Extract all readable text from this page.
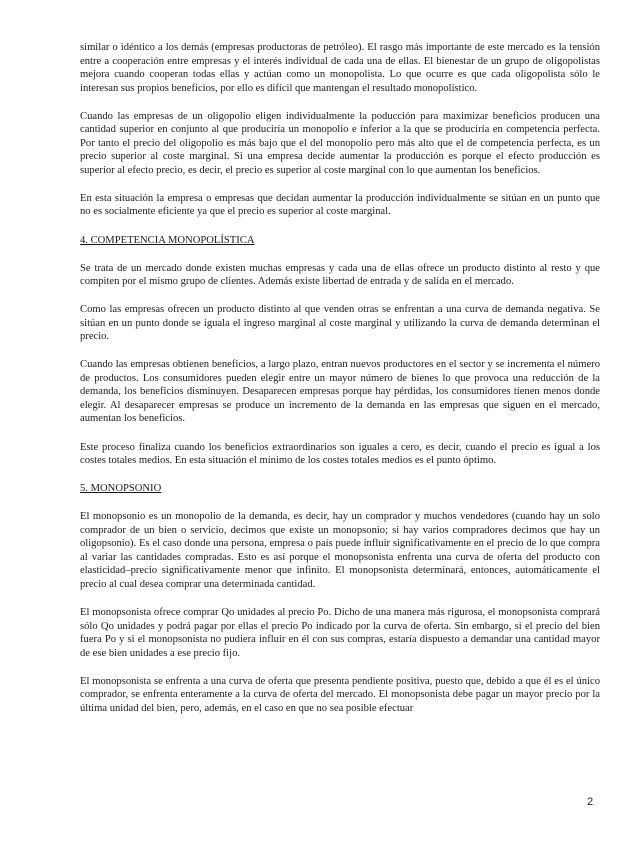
similar o idéntico a los demás (empresas productoras de petróleo). El rasgo más importante de este mercado es la tensión entre a cooperación entre empresas y el interés individual de cada una de ellas. El bienestar de un grupo de oligopolistas mejora cuando cooperan todas ellas y actúan como un monopolista. Lo que ocurre es que cada oligopolista sólo le interesan sus propios beneficios, por ello es difícil que mantengan el resultado monopolístico.

Cuando las empresas de un oligopolio eligen individualmente la poducción para maximizar beneficios producen una cantidad superior en conjunto al que produciría un monopolio e inferior a la que se produciría en competencia perfecta. Por tanto el precio del oligopolio es más bajo que el del monopolio pero más alto que el de competencia perfecta, es un precio superior al coste marginal. Si una empresa decide aumentar la producción es porque el efecto producción es superior al efecto precio, es decir, el precio es superior al coste marginal con lo que aumentan los beneficios.

En esta situación la empresa o empresas que decidan aumentar la producción individualmente se sitúan en un punto que no es socialmente eficiente ya que el precio es superior al coste marginal.

4. COMPETENCIA MONOPOLÍSTICA

Se trata de un mercado donde existen muchas empresas y cada una de ellas ofrece un producto distinto al resto y que compiten por el mismo grupo de clientes. Además existe libertad de entrada y de salida en el mercado.

Como las empresas ofrecen un producto distinto al que venden otras se enfrentan a una curva de demanda negativa. Se sitúan en un punto donde se iguala el ingreso marginal al coste marginal y utilizando la curva de demanda determinan el precio.

Cuando las empresas obtienen beneficios, a largo plazo, entran nuevos productores en el sector y se incrementa el número de productos. Los consumidores pueden elegir entre un mayor número de bienes lo que provoca una reducción de la demanda, los beneficios disminuyen. Desaparecen empresas porque hay pérdidas, los consumidores tienen menos donde elegir. Al desaparecer empresas se produce un incremento de la demanda en las empresas que siguen en el mercado, aumentan los beneficios.

Este proceso finaliza cuando los beneficios extraordinarios son iguales a cero, es decir, cuando el precio es igual a los costes totales medios. En esta situación el mínimo de los costes totales medios es el punto óptimo.

5. MONOPSONIO

El monopsonio es un monopolio de la demanda, es decir, hay un comprador y muchos vendedores (cuando hay un solo comprador de un bien o servicio, decimos que existe un monopsonio; si hay varios compradores decimos que hay un oligopsonio). Es el caso donde una persona, empresa o país puede influir significativamente en el precio de lo que compra al variar las cantidades compradas. Esto es así porque el monopsonista enfrenta una curva de oferta del producto con elasticidad–precio significativamente menor que infinito. El monopsonista determinará, entonces, automáticamente el precio al cual desea comprar una determinada cantidad.

El monopsonista ofrece comprar Qo unidades al precio Po. Dicho de una manera más rigurosa, el monopsonista comprará sólo Qo unidades y podrá pagar por ellas el precio Po indicado por la curva de oferta. Sin embargo, si el precio del bien fuera Po y si el monopsonista no pudiera influir en él con sus compras, estaría dispuesto a demandar una cantidad mayor de ese bien unidades a ese precio fijo.

El monopsonista se enfrenta a una curva de oferta que presenta pendiente positiva, puesto que, debido a que él es el único comprador, se enfrenta enteramente a la curva de oferta del mercado. El monopsonista debe pagar un mayor precio por la última unidad del bien, pero, además, en el caso en que no sea posible efectuar

2
